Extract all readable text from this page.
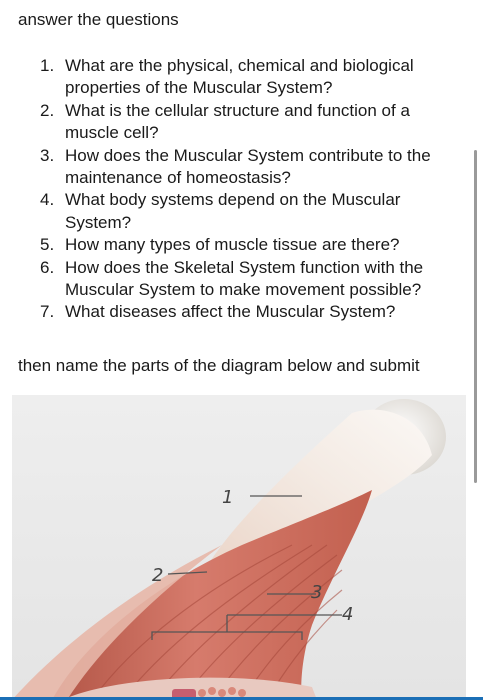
answer the questions
1. What are the physical, chemical and biological properties of the Muscular System?
2. What is the cellular structure and function of a muscle cell?
3. How does the Muscular System contribute to the maintenance of homeostasis?
4. What body systems depend on the Muscular System?
5. How many types of muscle tissue are there?
6. How does the Skeletal System function with the Muscular System to make movement possible?
7. What diseases affect the Muscular System?
then name the parts of the diagram below and submit
1
2
3
4
